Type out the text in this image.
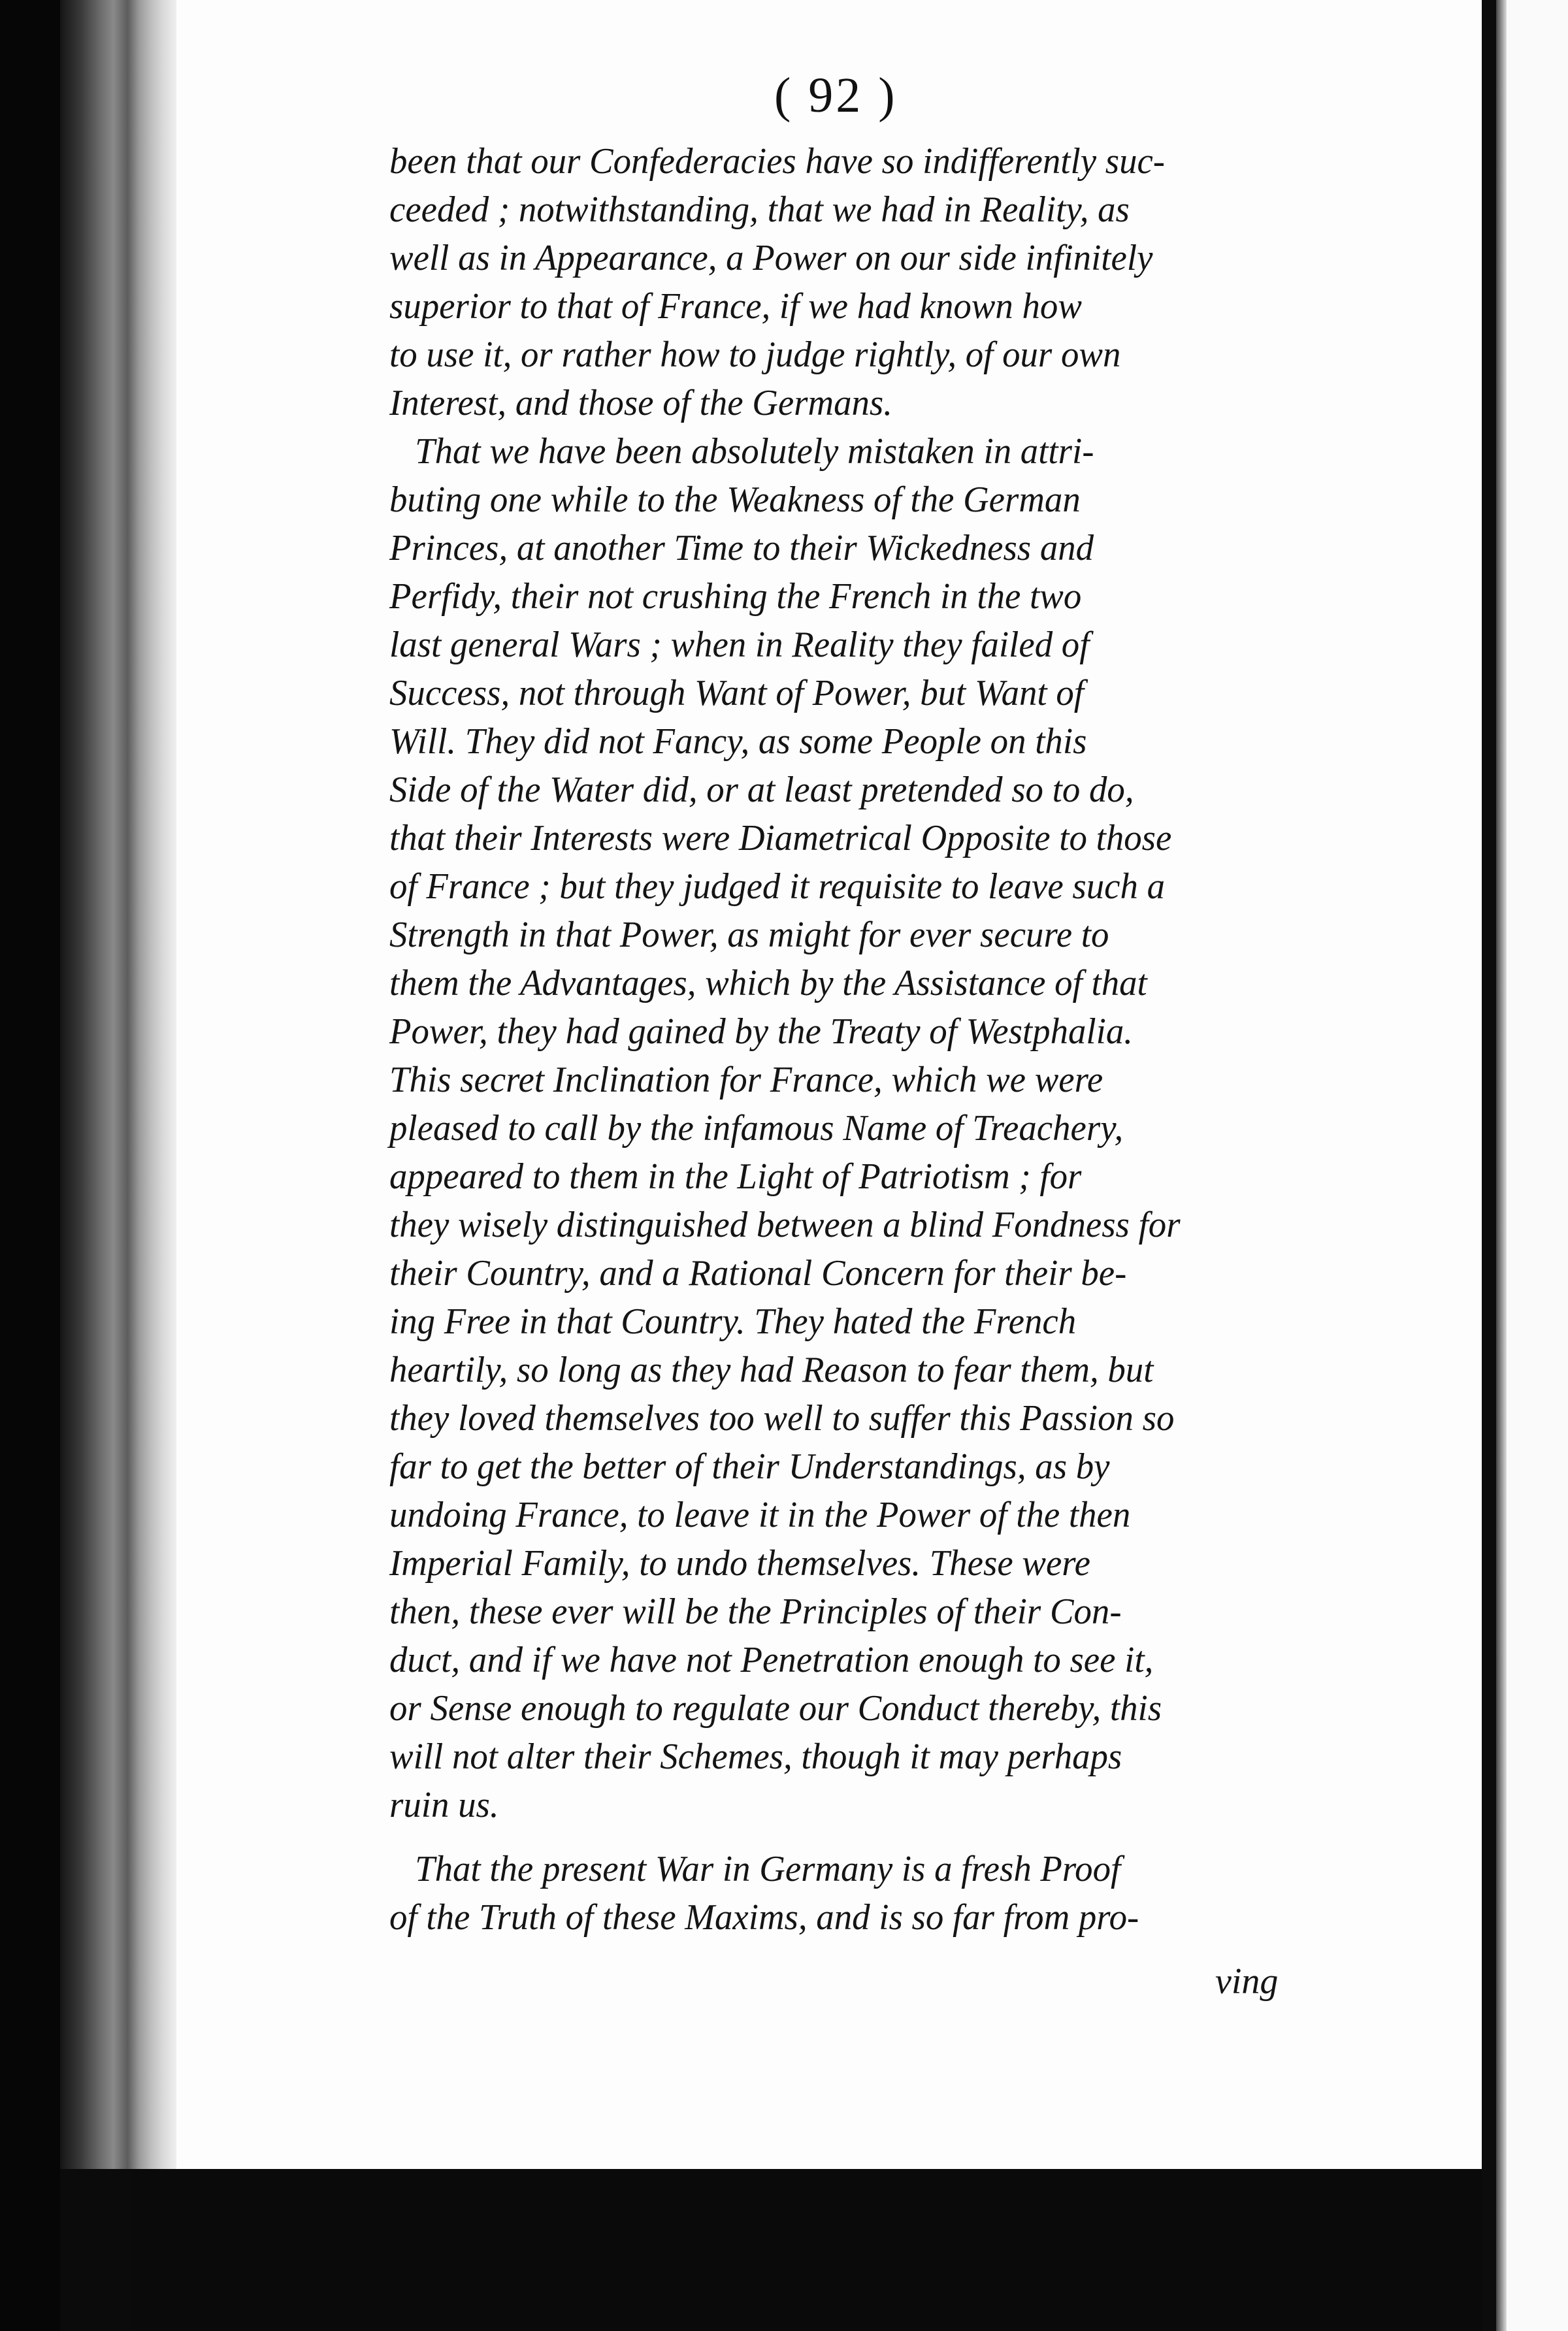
( 92 )
been that our Confederacies have so indifferently suc-
ceeded ; notwithstanding, that we had in Reality, as
well as in Appearance, a Power on our side infinitely
superior to that of France, if we had known how
to use it, or rather how to judge rightly, of our own
Interest, and those of the Germans.
That we have been absolutely mistaken in attri-
buting one while to the Weakness of the German
Princes, at another Time to their Wickedness and
Perfidy, their not crushing the French in the two
last general Wars ; when in Reality they failed of
Success, not through Want of Power, but Want of
Will. They did not Fancy, as some People on this
Side of the Water did, or at least pretended so to do,
that their Interests were Diametrical Opposite to those
of France ; but they judged it requisite to leave such a
Strength in that Power, as might for ever secure to
them the Advantages, which by the Assistance of that
Power, they had gained by the Treaty of Westphalia.
This secret Inclination for France, which we were
pleased to call by the infamous Name of Treachery,
appeared to them in the Light of Patriotism ; for
they wisely distinguished between a blind Fondness for
their Country, and a Rational Concern for their be-
ing Free in that Country. They hated the French
heartily, so long as they had Reason to fear them, but
they loved themselves too well to suffer this Passion so
far to get the better of their Understandings, as by
undoing France, to leave it in the Power of the then
Imperial Family, to undo themselves. These were
then, these ever will be the Principles of their Con-
duct, and if we have not Penetration enough to see it,
or Sense enough to regulate our Conduct thereby, this
will not alter their Schemes, though it may perhaps
ruin us.
That the present War in Germany is a fresh Proof
of the Truth of these Maxims, and is so far from pro-
ving
